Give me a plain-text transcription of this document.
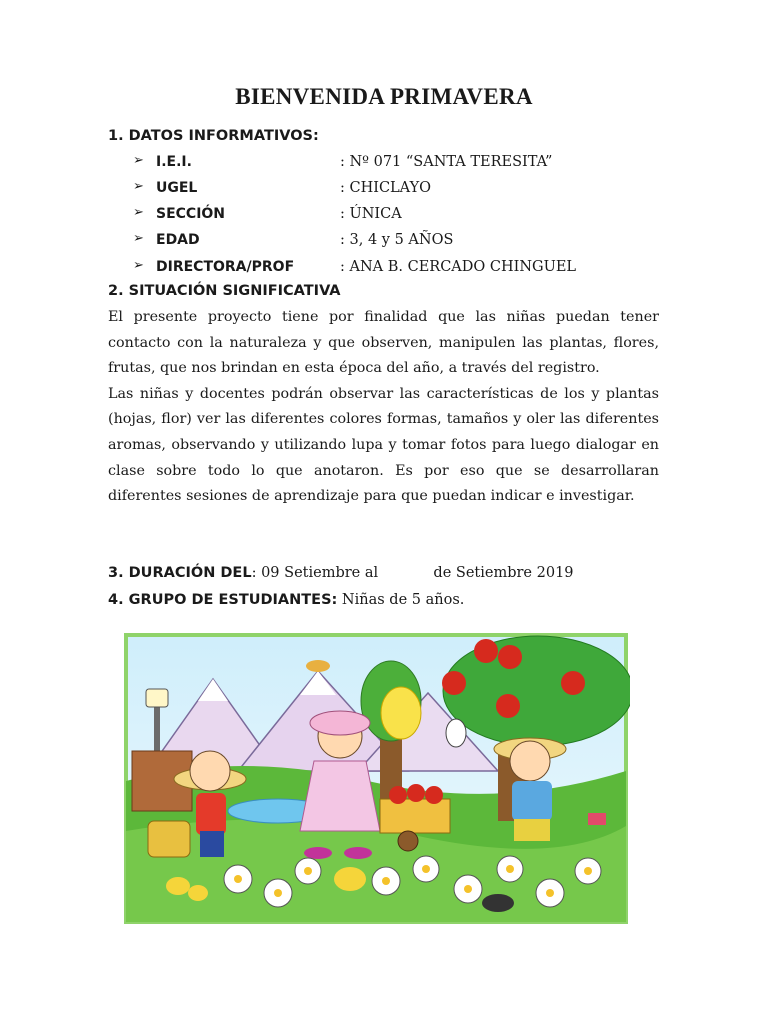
BIENVENIDA PRIMAVERA
1. DATOS INFORMATIVOS:
➢ I.E.I.	: Nº 071 “SANTA TERESITA”
➢ UGEL	: CHICLAYO
➢ SECCIÓN	: ÚNICA
➢ EDAD	: 3, 4 y 5 AÑOS
➢ DIRECTORA/PROF	: ANA B. CERCADO CHINGUEL
2. SITUACIÓN SIGNIFICATIVA

El presente proyecto tiene por finalidad que las niñas puedan tener contacto con la naturaleza y que observen, manipulen las plantas, flores, frutas, que nos brindan en esta época del año, a través del registro.

Las niñas y docentes podrán observar las características de los y plantas (hojas, flor) ver las diferentes colores formas, tamaños y oler las diferentes aromas, observando y utilizando lupa y tomar fotos para luego dialogar en clase sobre todo lo que anotaron. Es por eso que se desarrollaran diferentes sesiones de aprendizaje para que puedan indicar e investigar.

3. DURACIÓN DEL: 09 Setiembre al            de Setiembre 2019
4. GRUPO DE ESTUDIANTES: Niñas de 5 años.
